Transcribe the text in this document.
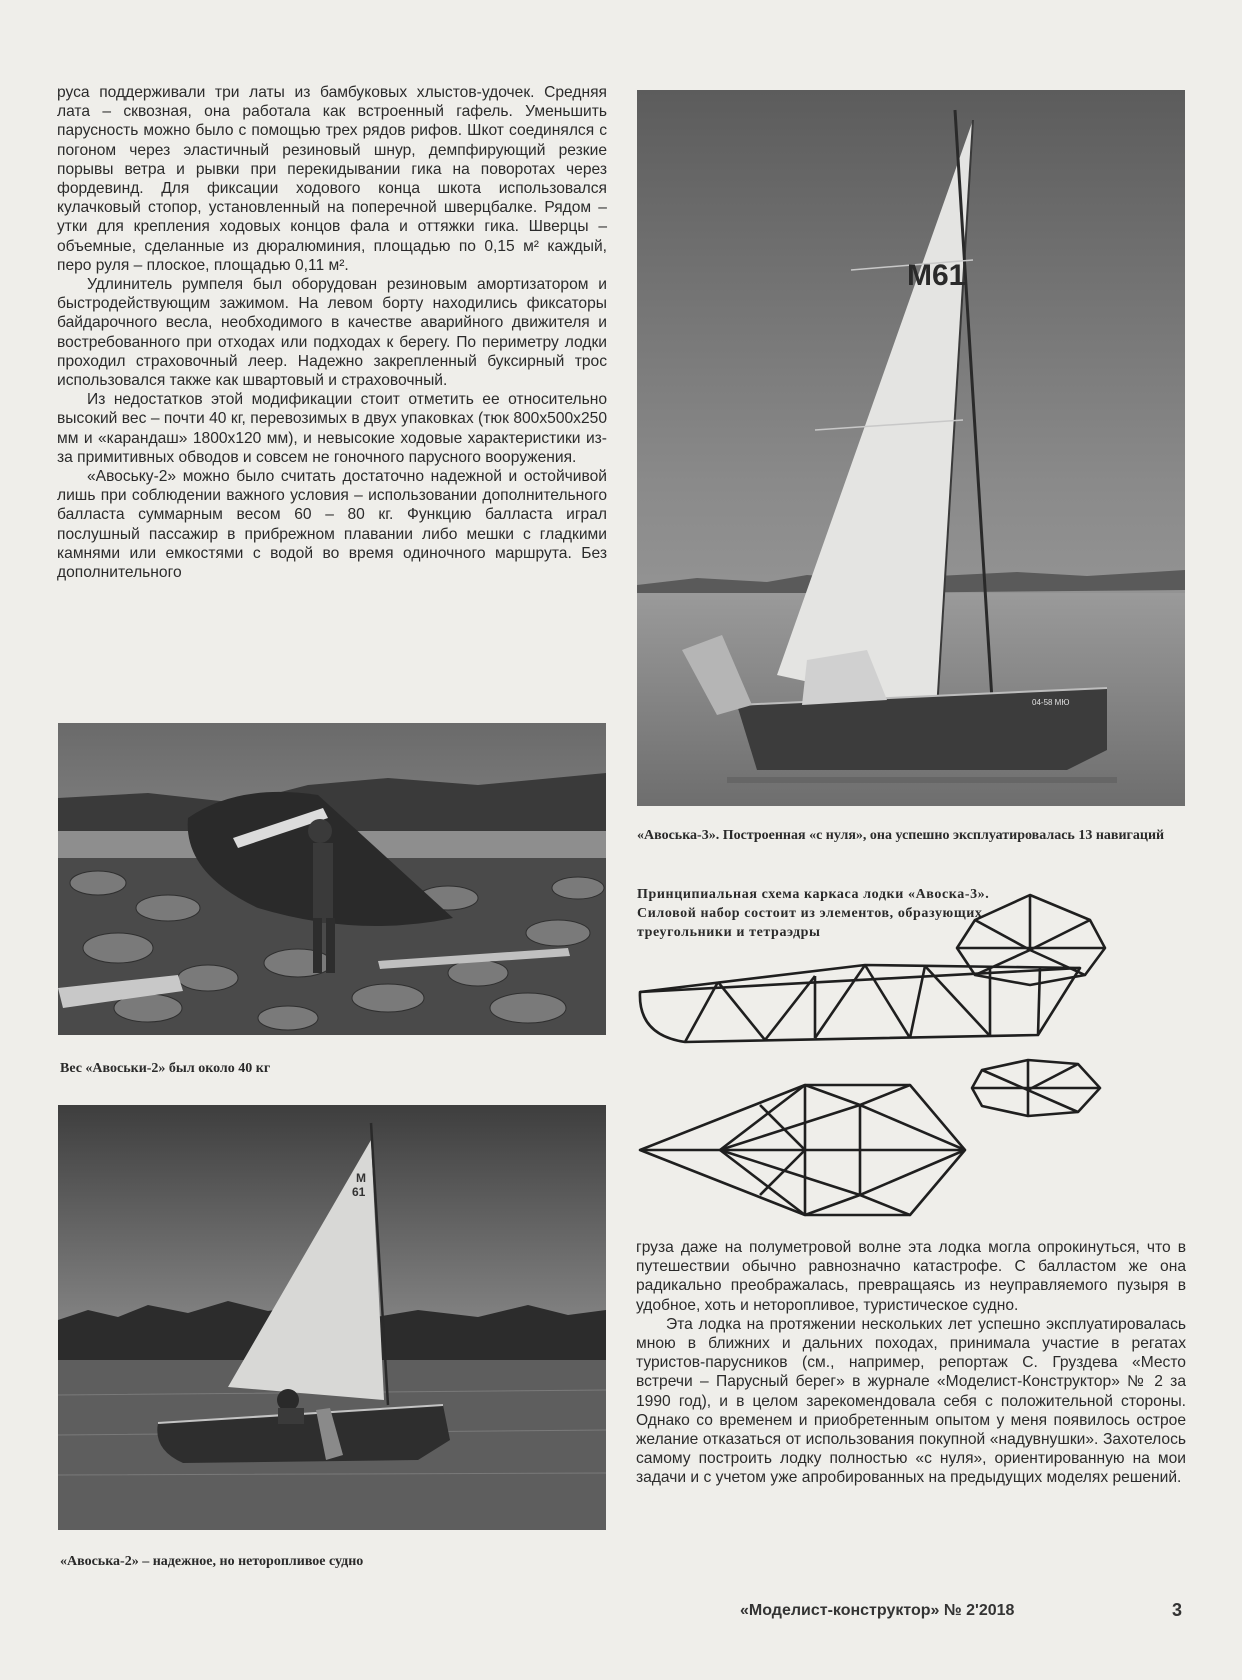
руса поддерживали три латы из бамбуковых хлыстов-удочек. Средняя лата – сквозная, она работала как встроенный гафель. Уменьшить парусность можно было с помощью трех рядов рифов. Шкот соединялся с погоном через эластичный резиновый шнур, демпфирующий резкие порывы ветра и рывки при перекидывании гика на поворотах через фордевинд. Для фиксации ходового конца шкота использовался кулачковый стопор, установленный на поперечной шверцбалке. Рядом – утки для крепления ходовых концов фала и оттяжки гика. Шверцы – объемные, сделанные из дюралюминия, площадью по 0,15 м² каждый, перо руля – плоское, площадью 0,11 м².

Удлинитель румпеля был оборудован резиновым амортизатором и быстродействующим зажимом. На левом борту находились фиксаторы байдарочного весла, необходимого в качестве аварийного движителя и востребованного при отходах или подходах к берегу. По периметру лодки проходил страховочный леер. Надежно закрепленный буксирный трос использовался также как швартовый и страховочный.

Из недостатков этой модификации стоит отметить ее относительно высокий вес – почти 40 кг, перевозимых в двух упаковках (тюк 800х500х250 мм и «карандаш» 1800х120 мм), и невысокие ходовые характеристики из-за примитивных обводов и совсем не гоночного парусного вооружения.

«Авоську-2» можно было считать достаточно надежной и остойчивой лишь при соблюдении важного условия – использовании дополнительного балласта суммарным весом 60 – 80 кг. Функцию балласта играл послушный пассажир в прибрежном плавании либо мешки с гладкими камнями или емкостями с водой во время одиночного маршрута. Без дополнительного

M61
04-58 МЮ
«Авоська-3». Построенная «с нуля», она успешно эксплуатировалась 13 навигаций
Принципиальная схема каркаса лодки «Авоска-3». Силовой набор состоит из элементов, образующих треугольники и тетраэдры
Вес «Авоськи-2» был около 40 кг
M
61
«Авоська-2» – надежное, но неторопливое судно

груза даже на полуметровой волне эта лодка могла опрокинуться, что в путешествии обычно равнозначно катастрофе. С балластом же она радикально преображалась, превращаясь из неуправляемого пузыря в удобное, хоть и неторопливое, туристическое судно.

Эта лодка на протяжении нескольких лет успешно эксплуатировалась мною в ближних и дальних походах, принимала участие в регатах туристов-парусников (см., например, репортаж С. Груздева «Место встречи – Парусный берег» в журнале «Моделист-Конструктор» № 2 за 1990 год), и в целом зарекомендовала себя с положительной стороны. Однако со временем и приобретенным опытом у меня появилось острое желание отказаться от использования покупной «надувнушки». Захотелось самому построить лодку полностью «с нуля», ориентированную на мои задачи и с учетом уже апробированных на предыдущих моделях решений.

«Моделист-конструктор» № 2'2018	3
